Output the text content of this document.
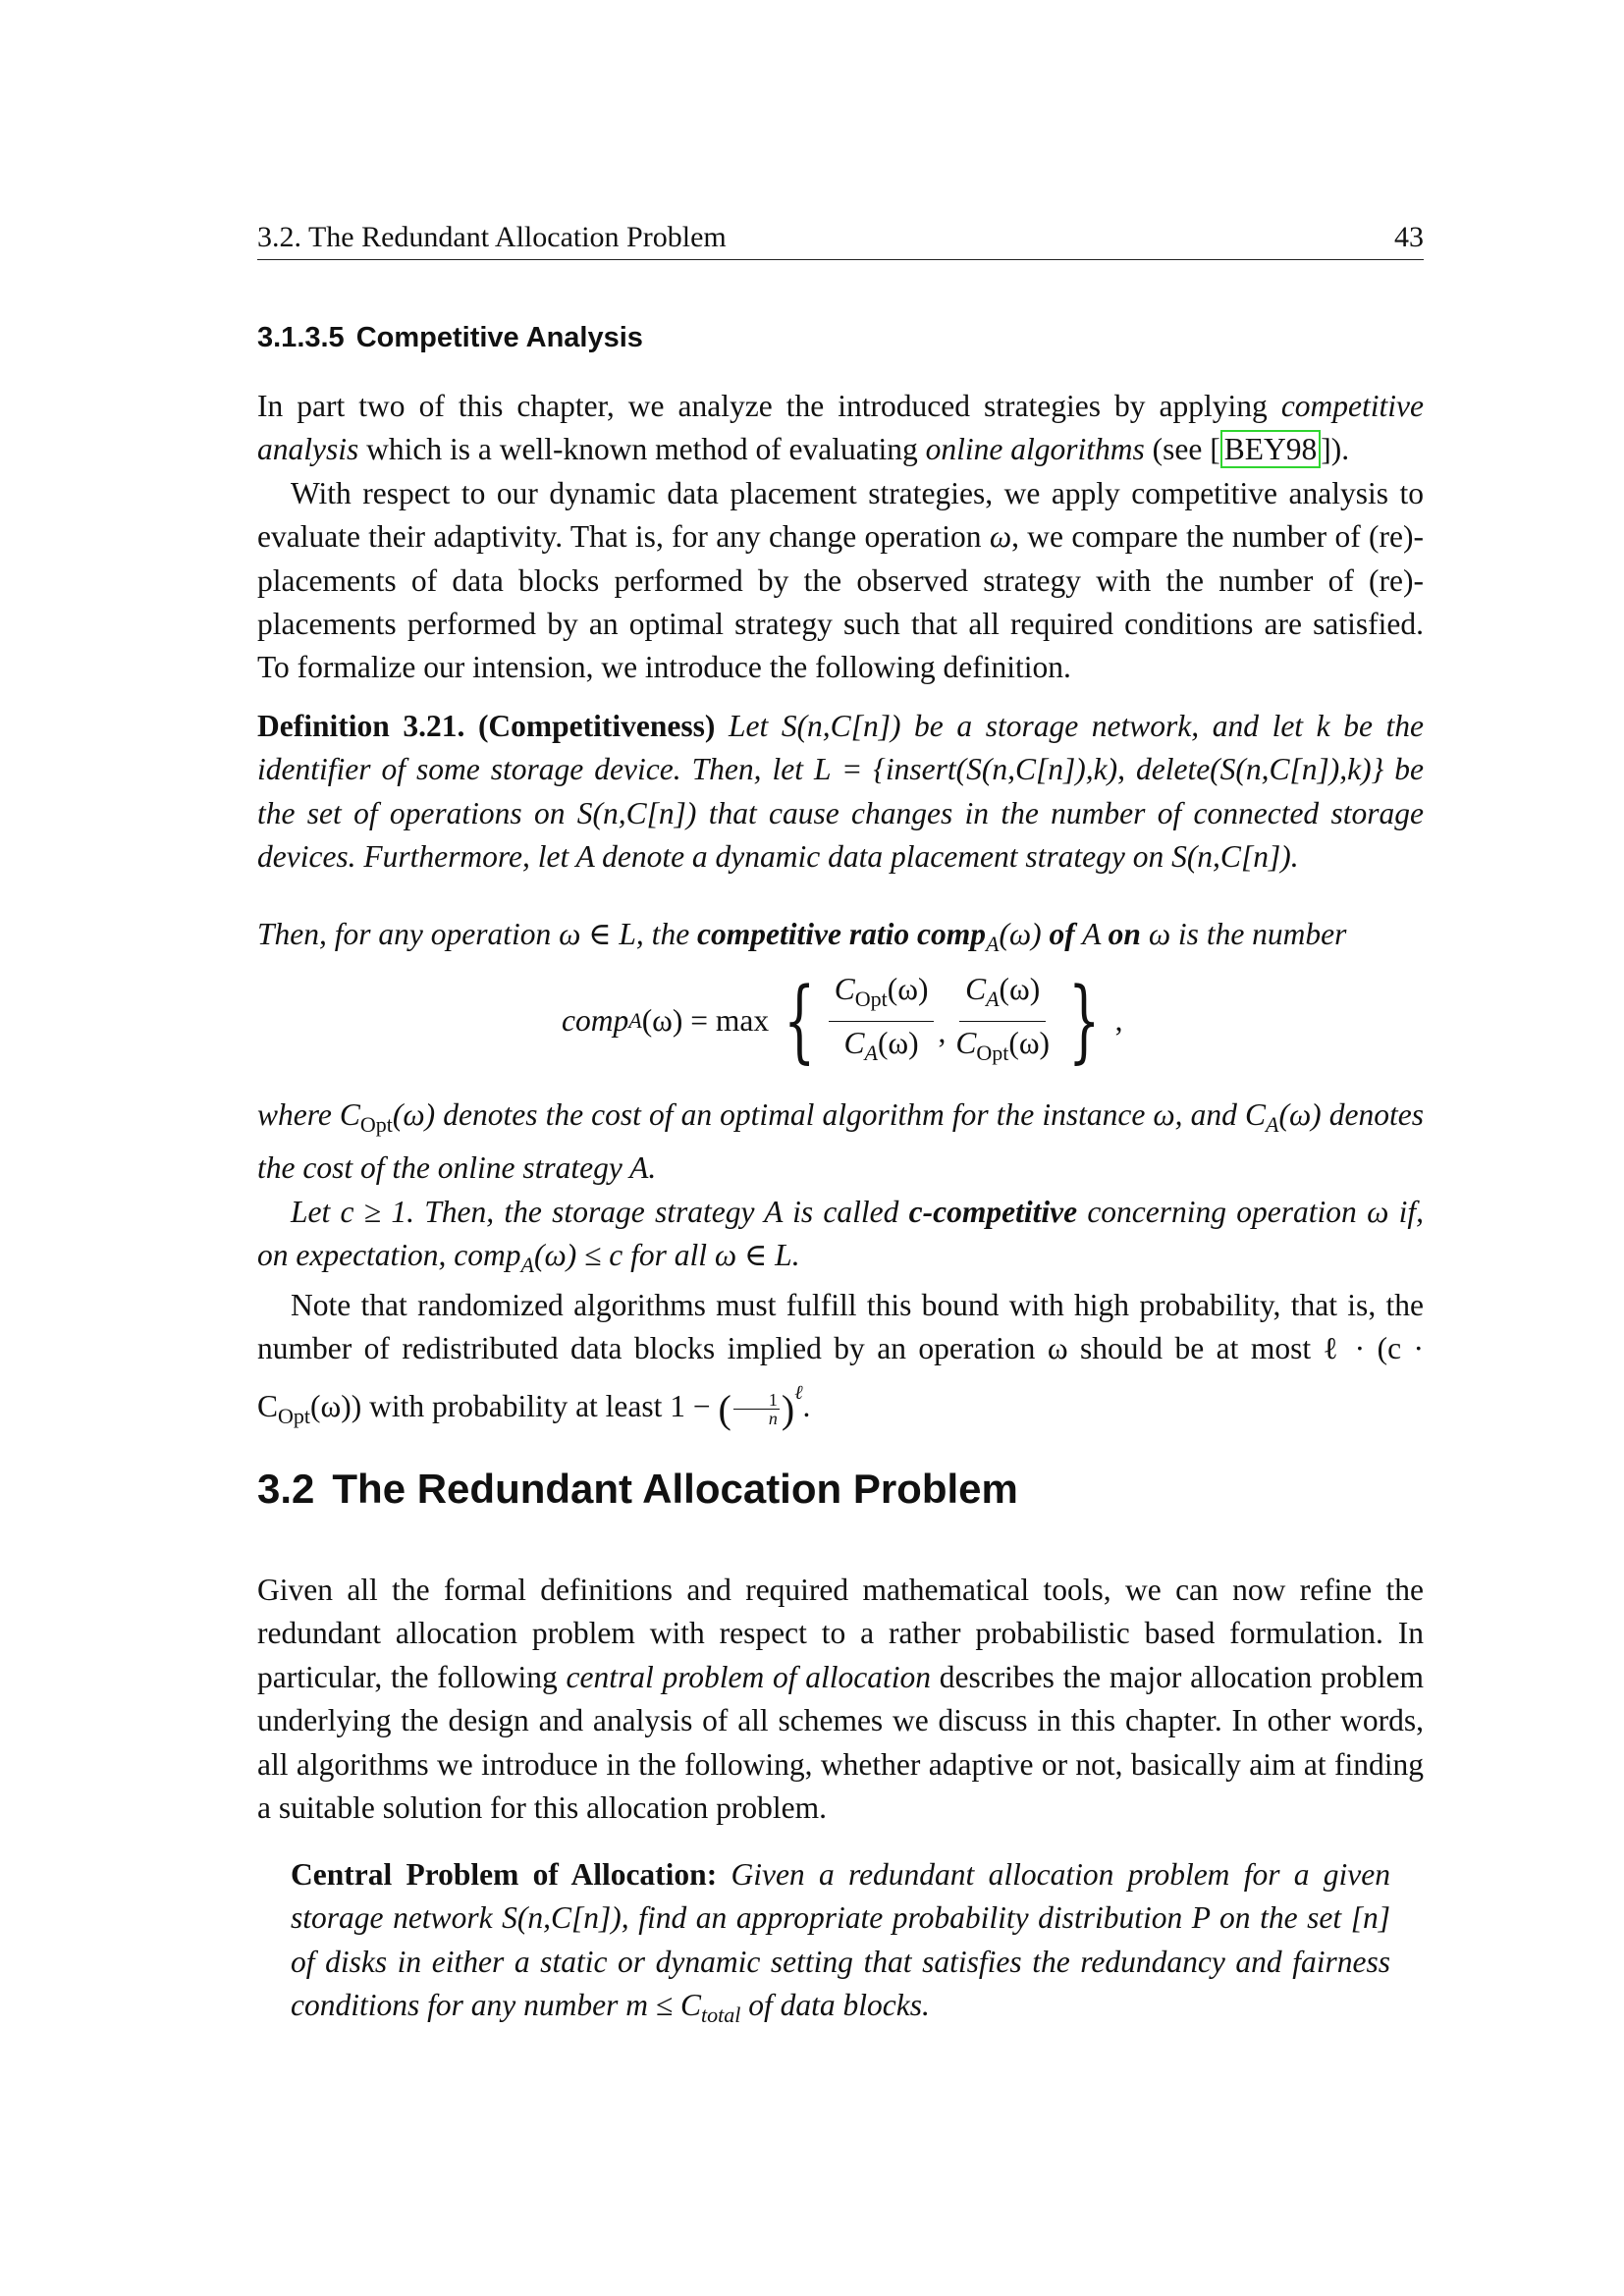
3.2. The Redundant Allocation Problem	43
3.1.3.5 Competitive Analysis

In part two of this chapter, we analyze the introduced strategies by applying competitive analysis which is a well-known method of evaluating online algorithms (see [ BEY98 ]).

With respect to our dynamic data placement strategies, we apply competitive analysis to evaluate their adaptivity. That is, for any change operation ω, we compare the number of (re)-placements of data blocks performed by the observed strategy with the number of (re)-placements performed by an optimal strategy such that all required conditions are satisfied. To formalize our intension, we introduce the following definition.

Definition 3.21. (Competitiveness) Let S(n,C[n]) be a storage network, and let k be the identifier of some storage device. Then, let L = {insert(S(n,C[n]),k), delete(S(n,C[n]),k)} be the set of operations on S(n,C[n]) that cause changes in the number of connected storage devices. Furthermore, let A denote a dynamic data placement strategy on S(n,C[n]).

Then, for any operation ω ∈ L, the competitive ratio comp$_A$(ω) of A on ω is the number

comp A (ω) = max { $\frac{C_{Opt}(\omega)}{C_A(\omega)}$ , $\frac{C_A(\omega)}{C_{Opt}(\omega)}$ } ,

where $C_{Opt}(\omega)$ denotes the cost of an optimal algorithm for the instance ω, and $C_A(\omega)$ denotes the cost of the online strategy A.

Let c ≥ 1. Then, the storage strategy A is called c-competitive concerning operation ω if, on expectation, comp$_A$(ω) ≤ c for all ω ∈ L.

Note that randomized algorithms must fulfill this bound with high probability, that is, the number of redistributed data blocks implied by an operation ω should be at most ℓ · $(c \cdot C_{Opt}(\omega))$ with probability at least 1 − ( $\frac{1}{n} )^\ell$.

3.2 The Redundant Allocation Problem

Given all the formal definitions and required mathematical tools, we can now refine the redundant allocation problem with respect to a rather probabilistic based formulation. In particular, the following central problem of allocation describes the major allocation problem underlying the design and analysis of all schemes we discuss in this chapter. In other words, all algorithms we introduce in the following, whether adaptive or not, basically aim at finding a suitable solution for this allocation problem.

Central Problem of Allocation: Given a redundant allocation problem for a given storage network S(n,C[n]), find an appropriate probability distribution P on the set [n] of disks in either a static or dynamic setting that satisfies the redundancy and fairness conditions for any number $m \le C_{total}$ of data blocks.
